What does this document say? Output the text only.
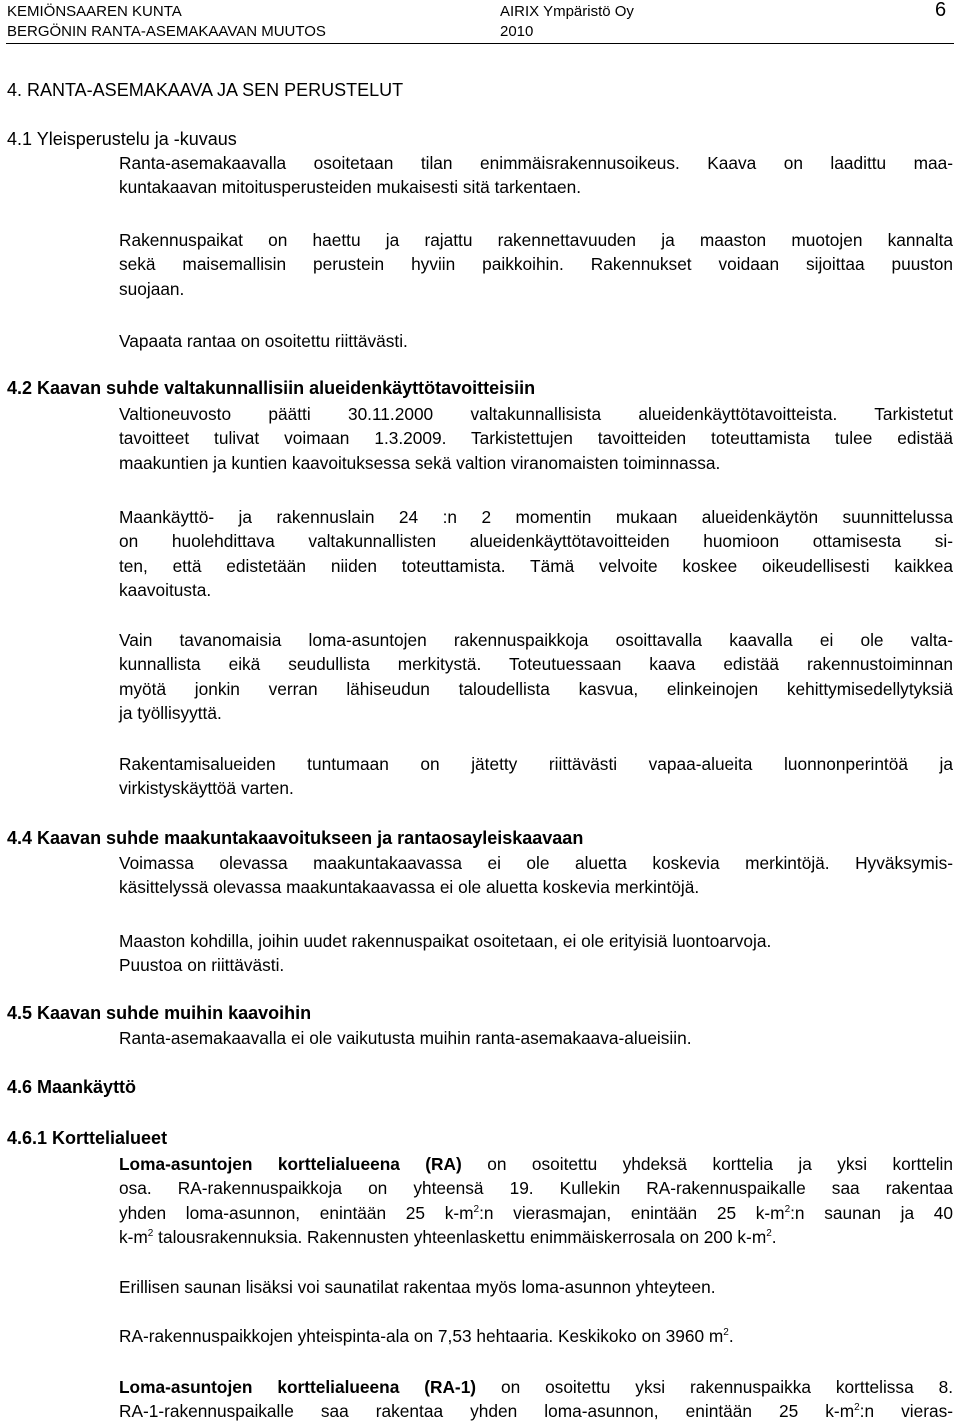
KEMIÖNSAAREN KUNTA
BERGÖNIN RANTA-ASEMAKAAVAN MUUTOS
AIRIX Ympäristö Oy
2010
6
4. RANTA-ASEMAKAAVA JA SEN PERUSTELUT
4.1 Yleisperustelu ja -kuvaus
Ranta-asemakaavalla osoitetaan tilan enimmäisrakennusoikeus. Kaava on laadittu maa-
kuntakaavan mitoitusperusteiden mukaisesti sitä tarkentaen.
Rakennuspaikat on haettu ja rajattu rakennettavuuden ja maaston muotojen kannalta
sekä maisemallisin perustein hyviin paikkoihin. Rakennukset voidaan sijoittaa puuston
suojaan.
Vapaata rantaa on osoitettu riittävästi.
4.2 Kaavan suhde valtakunnallisiin alueidenkäyttötavoitteisiin
Valtioneuvosto päätti 30.11.2000 valtakunnallisista alueidenkäyttötavoitteista. Tarkistetut
tavoitteet tulivat voimaan 1.3.2009. Tarkistettujen tavoitteiden toteuttamista tulee edistää
maakuntien ja kuntien kaavoituksessa sekä valtion viranomaisten toiminnassa.
Maankäyttö- ja rakennuslain 24 :n 2 momentin mukaan alueidenkäytön suunnittelussa
on huolehdittava valtakunnallisten alueidenkäyttötavoitteiden huomioon ottamisesta si-
ten, että edistetään niiden toteuttamista. Tämä velvoite koskee oikeudellisesti kaikkea
kaavoitusta.
Vain tavanomaisia loma-asuntojen rakennuspaikkoja osoittavalla kaavalla ei ole valta-
kunnallista eikä seudullista merkitystä. Toteutuessaan kaava edistää rakennustoiminnan
myötä jonkin verran lähiseudun taloudellista kasvua, elinkeinojen kehittymisedellytyksiä
ja työllisyyttä.
Rakentamisalueiden tuntumaan on jätetty riittävästi vapaa-alueita luonnonperintöä ja
virkistyskäyttöä varten.
4.4 Kaavan suhde maakuntakaavoitukseen ja rantaosayleiskaavaan
Voimassa olevassa maakuntakaavassa ei ole aluetta koskevia merkintöjä. Hyväksymis-
käsittelyssä olevassa maakuntakaavassa ei ole aluetta koskevia merkintöjä.
Maaston kohdilla, joihin uudet rakennuspaikat osoitetaan, ei ole erityisiä luontoarvoja.
Puustoa on riittävästi.
4.5 Kaavan suhde muihin kaavoihin
Ranta-asemakaavalla ei ole vaikutusta muihin ranta-asemakaava-alueisiin.
4.6 Maankäyttö
4.6.1 Korttelialueet
Loma-asuntojen korttelialueena (RA) on osoitettu yhdeksä korttelia ja yksi korttelin
osa. RA-rakennuspaikkoja on yhteensä 19. Kullekin RA-rakennuspaikalle saa rakentaa
yhden loma-asunnon, enintään 25 $k-m^2:n$ vierasmajan, enintään 25 $k-m^2:n$ saunan ja 40
$k-m^2$ talousrakennuksia. Rakennusten yhteenlaskettu enimmäiskerrosala on 200 $k-m^2$.
Erillisen saunan lisäksi voi saunatilat rakentaa myös loma-asunnon yhteyteen.
RA-rakennuspaikkojen yhteispinta-ala on 7,53 hehtaaria. Keskikoko on 3960 $m^2$.
Loma-asuntojen korttelialueena (RA-1) on osoitettu yksi rakennuspaikka korttelissa 8.
RA-1-rakennuspaikalle saa rakentaa yhden loma-asunnon, enintään 25 $k-m^2:n$ vieras-
